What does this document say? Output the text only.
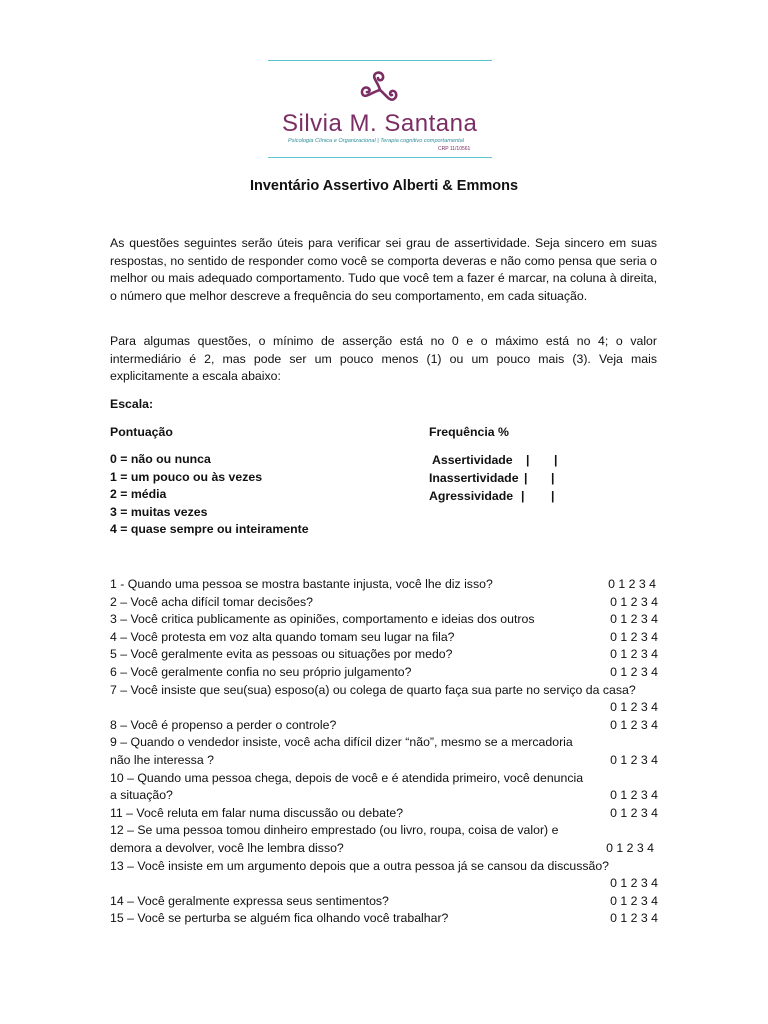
Silvia M. Santana
Psicologia Clínica e Organizacional | Terapia cognitivo comportamental
CRP 11/10561
Inventário Assertivo Alberti & Emmons
As questões seguintes serão úteis para verificar sei grau de assertividade. Seja sincero em suas respostas, no sentido de responder como você se comporta deveras e não como pensa que seria o melhor ou mais adequado comportamento. Tudo que você tem a fazer é marcar, na coluna à direita, o número que melhor descreve a frequência do seu comportamento, em cada situação.
Para algumas questões, o mínimo de asserção está no 0 e o máximo está no 4; o valor intermediário é 2, mas pode ser um pouco menos (1) ou um pouco mais (3). Veja mais explicitamente a escala abaixo:
Escala:
Pontuação	Frequência %
0 = não ou nunca
1 = um pouco ou às vezes
2 = média
3 = muitas vezes
4 = quase sempre ou inteiramente
Assertividade | |
Inassertividade | |
Agressividade | |
1 - Quando uma pessoa se mostra bastante injusta, você lhe diz isso?	0 1 2 3 4
2 – Você acha difícil tomar decisões?	0 1 2 3 4
3 – Você critica publicamente as opiniões, comportamento e ideias dos outros	0 1 2 3 4
4 – Você protesta em voz alta quando tomam seu lugar na fila?	0 1 2 3 4
5 – Você geralmente evita as pessoas ou situações por medo?	0 1 2 3 4
6 – Você geralmente confia no seu próprio julgamento?	0 1 2 3 4
7 – Você insiste que seu(sua) esposo(a) ou colega de quarto faça sua parte no serviço da casa?
0 1 2 3 4
8 – Você é propenso a perder o controle?	0 1 2 3 4
9 – Quando o vendedor insiste, você acha difícil dizer “não”, mesmo se a mercadoria não lhe interessa ?	0 1 2 3 4
10 – Quando uma pessoa chega, depois de você e é atendida primeiro, você denuncia a situação?	0 1 2 3 4
11 – Você reluta em falar numa discussão ou debate?	0 1 2 3 4
12 – Se uma pessoa tomou dinheiro emprestado (ou livro, roupa, coisa de valor) e demora a devolver, você lhe lembra disso?	0 1 2 3 4
13 – Você insiste em um argumento depois que a outra pessoa já se cansou da discussão?
0 1 2 3 4
14 – Você geralmente expressa seus sentimentos?	0 1 2 3 4
15 – Você se perturba se alguém fica olhando você trabalhar?	0 1 2 3 4
